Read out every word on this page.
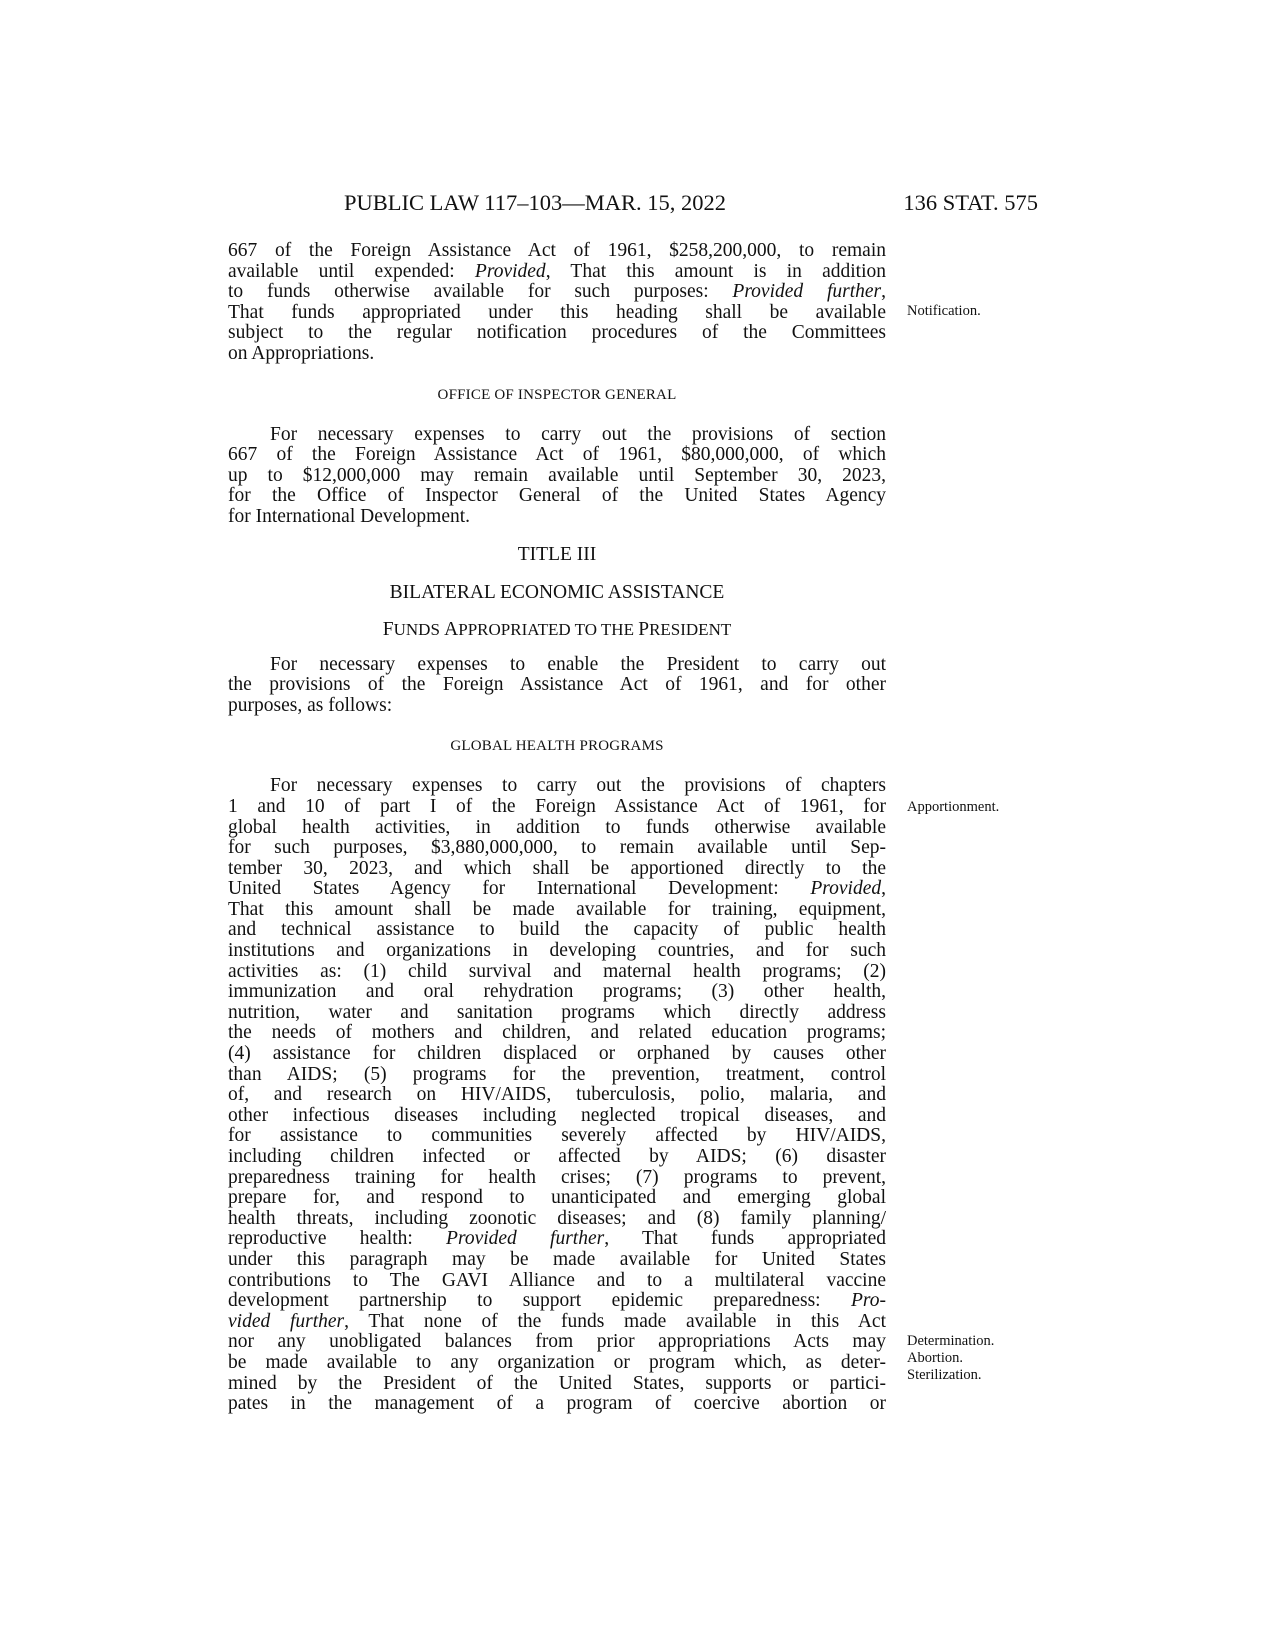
PUBLIC LAW 117–103—MAR. 15, 2022	136 STAT. 575

667 of the Foreign Assistance Act of 1961, $258,200,000, to remain
available until expended: Provided, That this amount is in addition
to funds otherwise available for such purposes: Provided further,
That funds appropriated under this heading shall be available
subject to the regular notification procedures of the Committees
on Appropriations.

OFFICE OF INSPECTOR GENERAL

For necessary expenses to carry out the provisions of section
667 of the Foreign Assistance Act of 1961, $80,000,000, of which
up to $12,000,000 may remain available until September 30, 2023,
for the Office of Inspector General of the United States Agency
for International Development.

TITLE III
BILATERAL ECONOMIC ASSISTANCE
FUNDS APPROPRIATED TO THE PRESIDENT

For necessary expenses to enable the President to carry out
the provisions of the Foreign Assistance Act of 1961, and for other
purposes, as follows:

GLOBAL HEALTH PROGRAMS

For necessary expenses to carry out the provisions of chapters
1 and 10 of part I of the Foreign Assistance Act of 1961, for
global health activities, in addition to funds otherwise available
for such purposes, $3,880,000,000, to remain available until Sep-
tember 30, 2023, and which shall be apportioned directly to the
United States Agency for International Development: Provided,
That this amount shall be made available for training, equipment,
and technical assistance to build the capacity of public health
institutions and organizations in developing countries, and for such
activities as: (1) child survival and maternal health programs; (2)
immunization and oral rehydration programs; (3) other health,
nutrition, water and sanitation programs which directly address
the needs of mothers and children, and related education programs;
(4) assistance for children displaced or orphaned by causes other
than AIDS; (5) programs for the prevention, treatment, control
of, and research on HIV/AIDS, tuberculosis, polio, malaria, and
other infectious diseases including neglected tropical diseases, and
for assistance to communities severely affected by HIV/AIDS,
including children infected or affected by AIDS; (6) disaster
preparedness training for health crises; (7) programs to prevent,
prepare for, and respond to unanticipated and emerging global
health threats, including zoonotic diseases; and (8) family planning/
reproductive health: Provided further, That funds appropriated
under this paragraph may be made available for United States
contributions to The GAVI Alliance and to a multilateral vaccine
development partnership to support epidemic preparedness: Pro-
vided further, That none of the funds made available in this Act
nor any unobligated balances from prior appropriations Acts may
be made available to any organization or program which, as deter-
mined by the President of the United States, supports or partici-
pates in the management of a program of coercive abortion or

Notification.
Apportionment.
Determination.
Abortion.
Sterilization.
